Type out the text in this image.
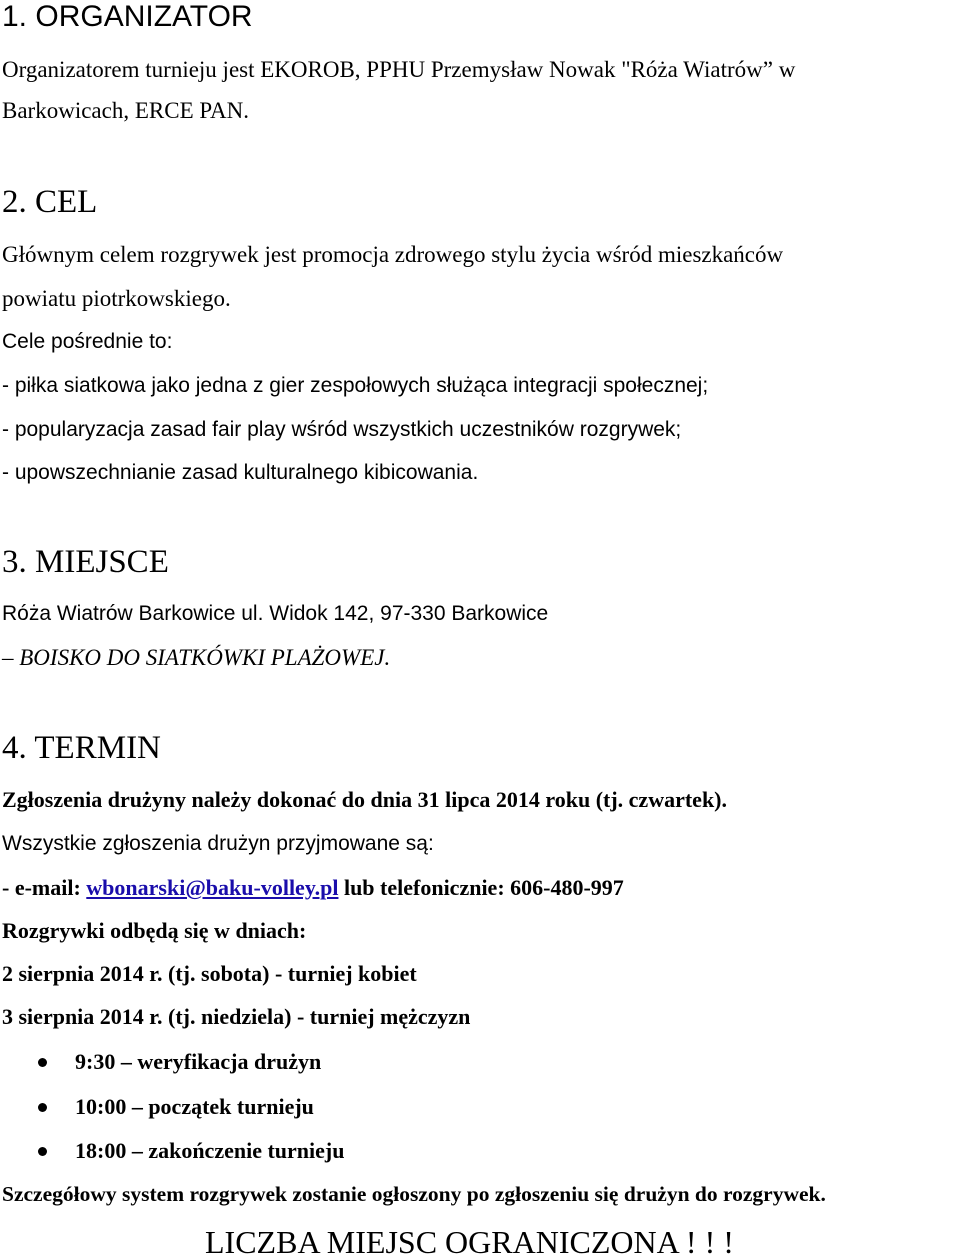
1. ORGANIZATOR
Organizatorem turnieju jest EKOROB, PPHU Przemysław Nowak "Róża Wiatrów” w
Barkowicach, ERCE PAN.
2. CEL
Głównym celem rozgrywek jest promocja zdrowego stylu życia wśród mieszkańców
powiatu piotrkowskiego.
Cele pośrednie to:
- piłka siatkowa jako jedna z gier zespołowych służąca integracji społecznej;
- popularyzacja zasad fair play wśród wszystkich uczestników rozgrywek;
- upowszechnianie zasad kulturalnego kibicowania.
3. MIEJSCE
Róża Wiatrów Barkowice ul. Widok 142, 97-330 Barkowice
– BOISKO DO SIATKÓWKI PLAŻOWEJ.
4. TERMIN
Zgłoszenia drużyny należy dokonać do dnia 31 lipca 2014 roku (tj. czwartek).
Wszystkie zgłoszenia drużyn przyjmowane są:
- e-mail: wbonarski@baku-volley.pl lub telefonicznie: 606-480-997
Rozgrywki odbędą się w dniach:
2 sierpnia 2014 r. (tj. sobota) - turniej kobiet
3 sierpnia 2014 r. (tj. niedziela) - turniej mężczyzn
9:30 – weryfikacja drużyn
10:00 – początek turnieju
18:00 – zakończenie turnieju
Szczegółowy system rozgrywek zostanie ogłoszony po zgłoszeniu się drużyn do rozgrywek.
LICZBA MIEJSC OGRANICZONA ! ! !
